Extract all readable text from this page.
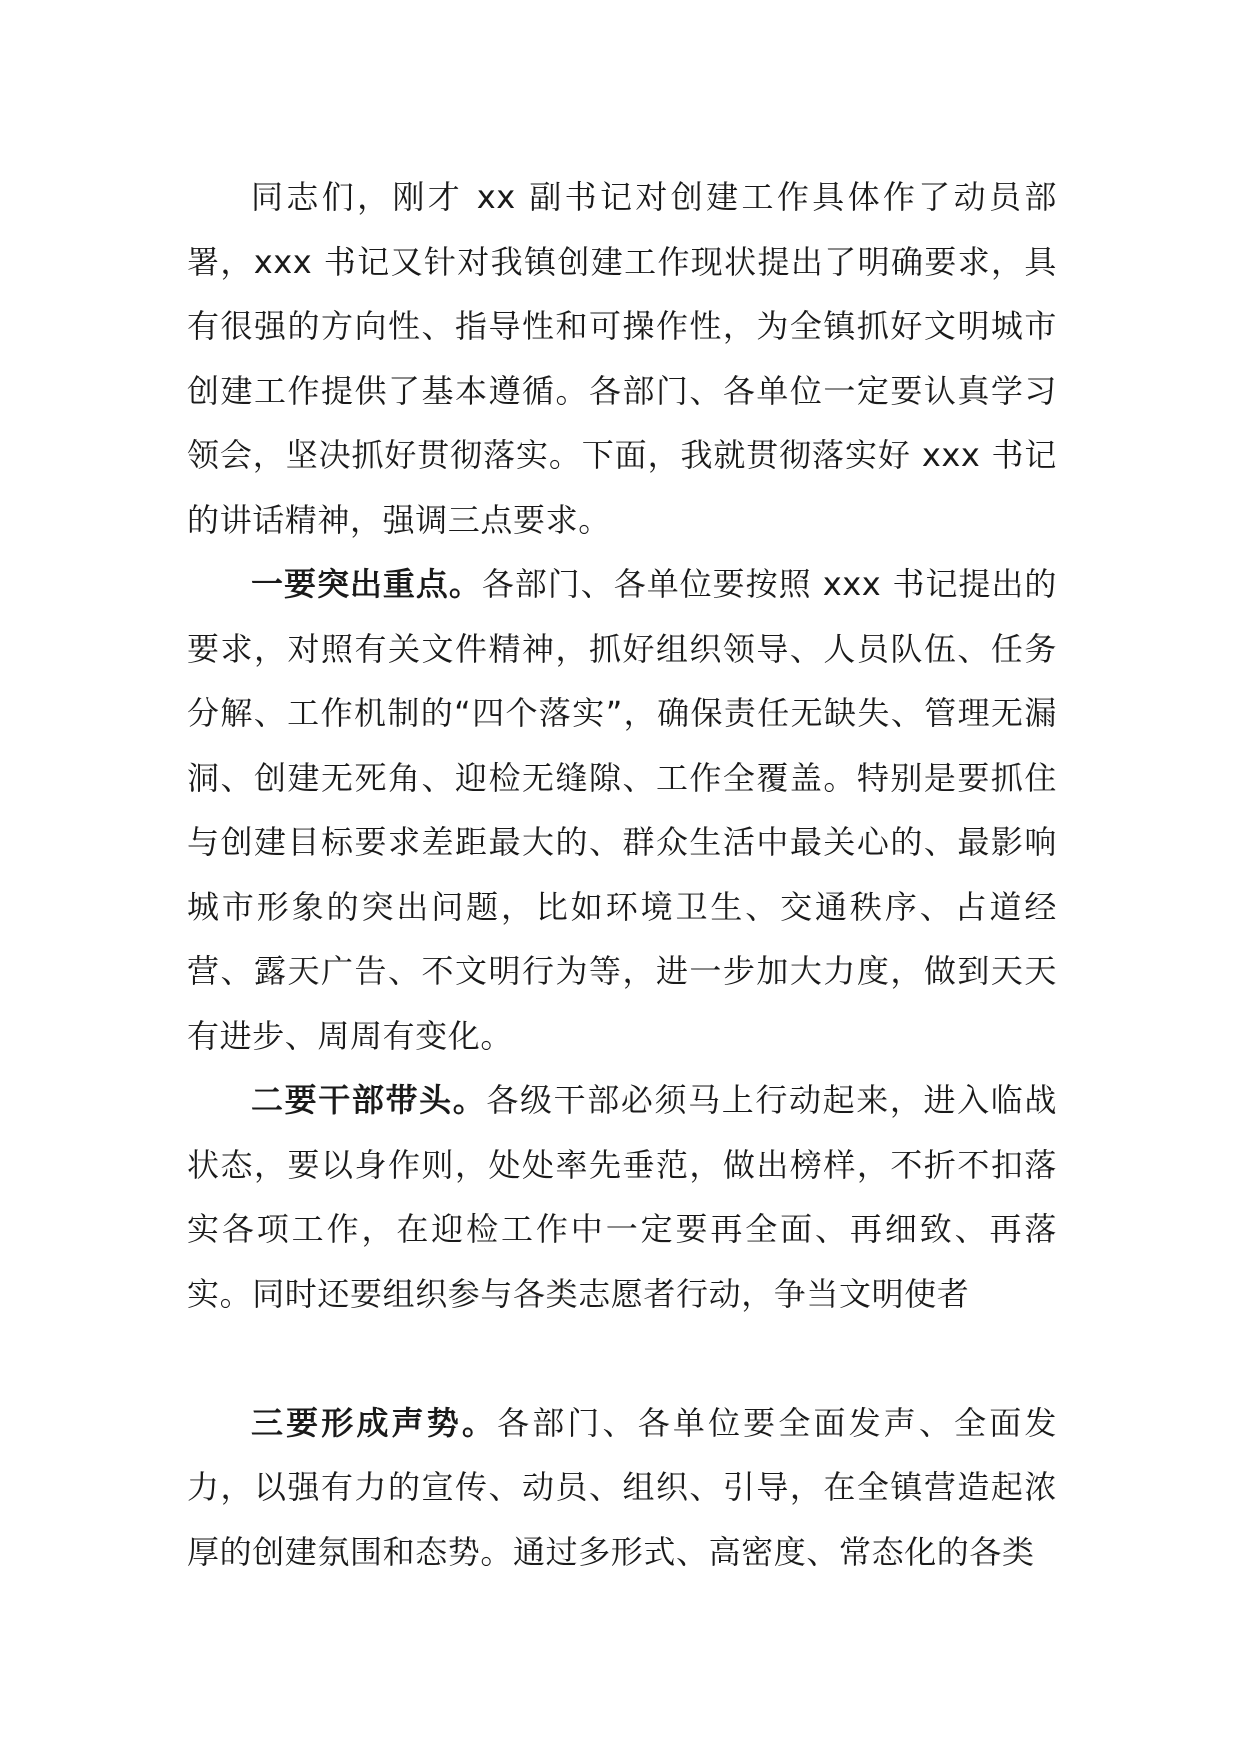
同志们，刚才 xx 副书记对创建工作具体作了动员部署，xxx 书记又针对我镇创建工作现状提出了明确要求，具有很强的方向性、指导性和可操作性，为全镇抓好文明城市创建工作提供了基本遵循。各部门、各单位一定要认真学习领会，坚决抓好贯彻落实。下面，我就贯彻落实好 xxx 书记的讲话精神，强调三点要求。

一要突出重点。各部门、各单位要按照 xxx 书记提出的要求，对照有关文件精神，抓好组织领导、人员队伍、任务分解、工作机制的“四个落实”，确保责任无缺失、管理无漏洞、创建无死角、迎检无缝隙、工作全覆盖。特别是要抓住与创建目标要求差距最大的、群众生活中最关心的、最影响城市形象的突出问题，比如环境卫生、交通秩序、占道经营、露天广告、不文明行为等，进一步加大力度，做到天天有进步、周周有变化。

二要干部带头。各级干部必须马上行动起来，进入临战状态，要以身作则，处处率先垂范，做出榜样，不折不扣落实各项工作，在迎检工作中一定要再全面、再细致、再落实。同时还要组织参与各类志愿者行动，争当文明使者

三要形成声势。各部门、各单位要全面发声、全面发力，以强有力的宣传、动员、组织、引导，在全镇营造起浓厚的创建氛围和态势。通过多形式、高密度、常态化的各类
